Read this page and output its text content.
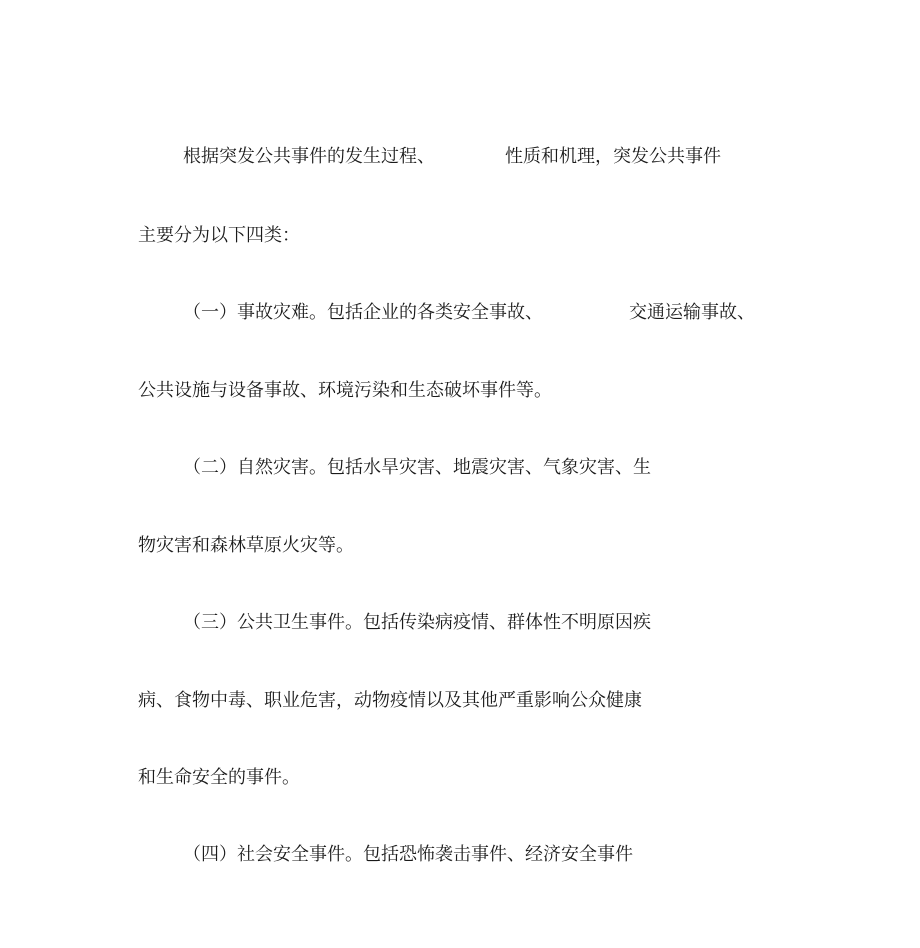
根据突发公共事件的发生过程、	性质和机理，突发公共事件
主要分为以下四类：
（一）事故灾难。包括企业的各类安全事故、	交通运输事故、
公共设施与设备事故、环境污染和生态破坏事件等。
（二）自然灾害。包括水旱灾害、地震灾害、气象灾害、生
物灾害和森林草原火灾等。
（三）公共卫生事件。包括传染病疫情、群体性不明原因疾
病、食物中毒、职业危害，动物疫情以及其他严重影响公众健康
和生命安全的事件。
（四）社会安全事件。包括恐怖袭击事件、经济安全事件
